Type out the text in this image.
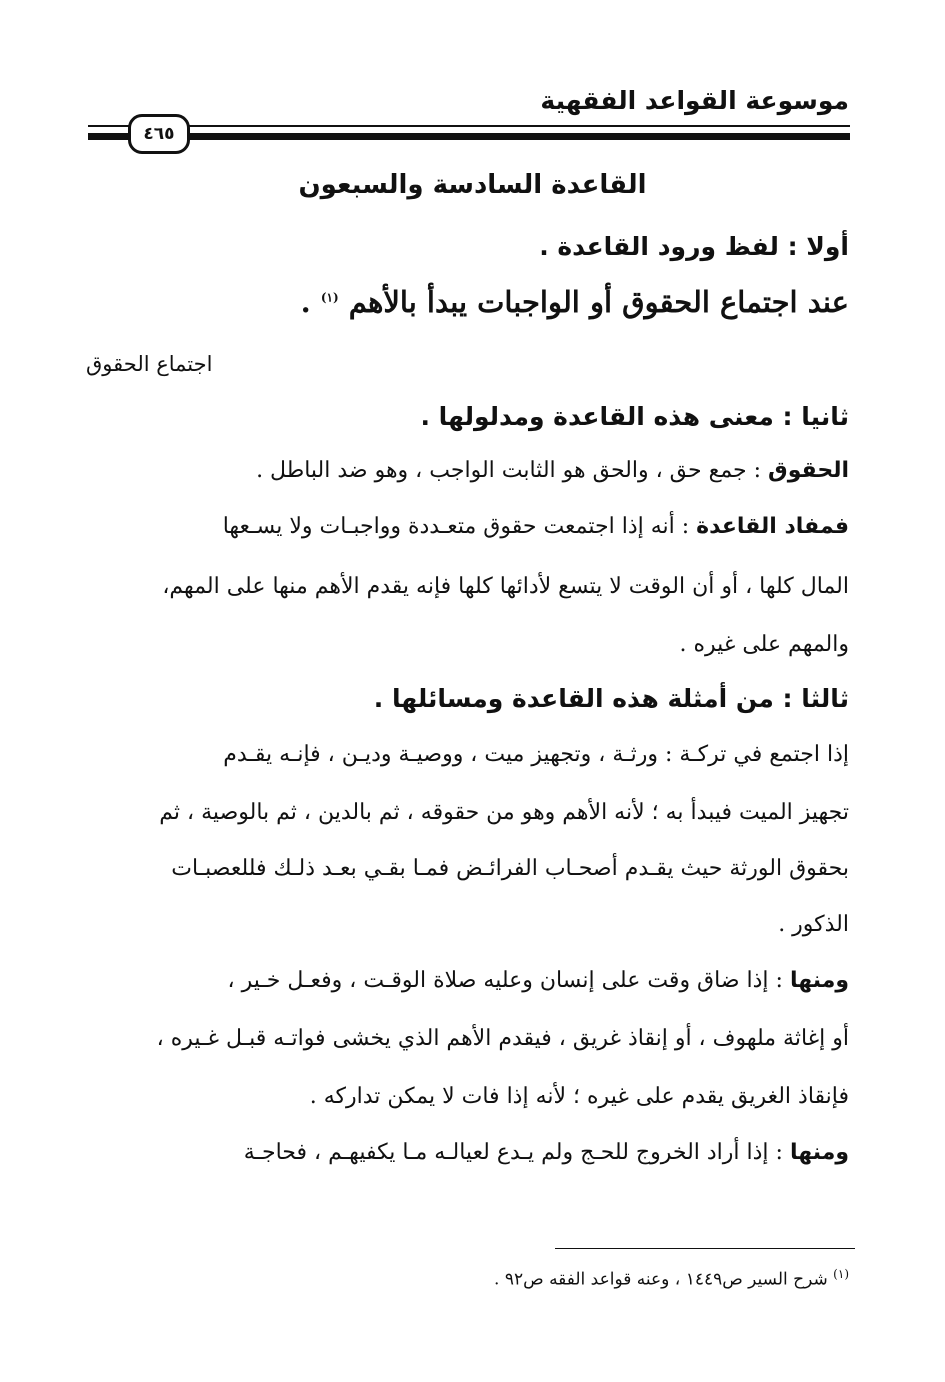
موسوعة القواعد الفقهية
٤٦٥
القاعدة السادسة والسبعون
أولا : لفظ ورود القاعدة .
عند اجتماع الحقوق أو الواجبات يبدأ بالأهم $^{(١)}$ .
اجتماع الحقوق
ثانيا : معنى هذه القاعدة ومدلولها .
الحقوق : جمع حق ، والحق هو الثابت الواجب ، وهو ضد الباطل .
فمفاد القاعدة : أنه إذا اجتمعت حقوق متعـددة وواجبـات ولا يسـعها
المال كلها ، أو أن الوقت لا يتسع لأدائها كلها فإنه يقدم الأهم منها على المهم،
والمهم على غيره .
ثالثا : من أمثلة هذه القاعدة ومسائلها .
إذا اجتمع في تركـة : ورثـة ، وتجهيز ميت ، ووصيـة وديـن ، فإنـه يقـدم
تجهيز الميت فيبدأ به ؛ لأنه الأهم وهو من حقوقه ، ثم بالدين ، ثم بالوصية ، ثم
بحقوق الورثة حيث يقـدم أصحـاب الفرائـض فمـا بقـي بعـد ذلـك فللعصبـات
الذكور .
ومنها : إذا ضاق وقت على إنسان وعليه صلاة الوقـت ، وفعـل خـير ،
أو إغاثة ملهوف ، أو إنقاذ غريق ، فيقدم الأهم الذي يخشى فواتـه قبـل غـيره ،
فإنقاذ الغريق يقدم على غيره ؛ لأنه إذا فات لا يمكن تداركه .
ومنها : إذا أراد الخروج للحـج ولم يـدع لعيالـه مـا يكفيهـم ، فحاجـة
$^{(١)}$ شرح السير ص١٤٤٩ ، وعنه قواعد الفقه ص٩٢ .
